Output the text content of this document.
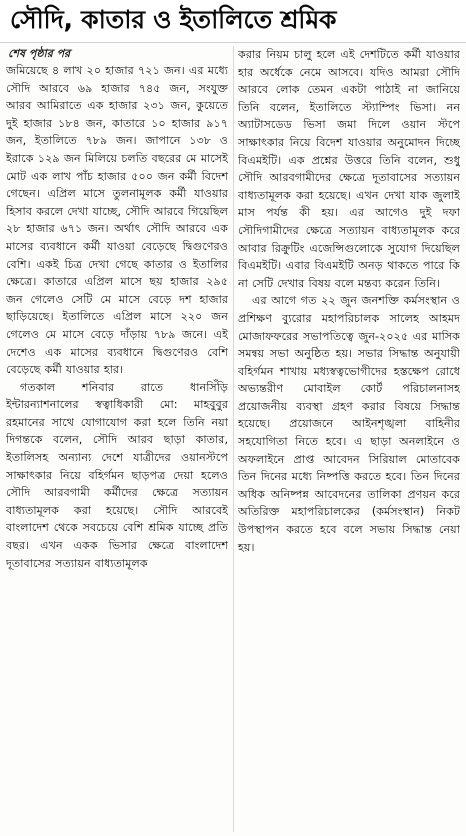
সৌদি, কাতার ও ইতালিতে শ্রমিক
শেষ পৃষ্ঠার পর

জমিয়েছে ৪ লাখ ২০ হাজার ৭২১ জন। এর মধ্যে সৌদি আরবে ৬৯ হাজার ৭৪৫ জন, সংযুক্ত আরব আমিরাতে এক হাজার ২৩১ জন, কুয়েতে দুই হাজার ১৮৪ জন, কাতারে ১০ হাজার ৯১৭ জন, ইতালিতে ৭৮৯ জন। জাপানে ১৩৮ ও ইরাকে ১২৯ জন মিলিয়ে চলতি বছরের মে মাসেই মোট এক লাখ পাঁচ হাজার ৫০০ জন কর্মী বিদেশ গেছেন। এপ্রিল মাসে তুলনামূলক কর্মী যাওয়ার হিসাব করলে দেখা যাচ্ছে, সৌদি আরবে গিয়েছিল ২৮ হাজার ৬৭১ জন। অর্থাৎ সৌদি আরবে এক মাসের ব্যবধানে কর্মী যাওয়া বেড়েছে দ্বিগুণেরও বেশি। একই চিত্র দেখা গেছে কাতার ও ইতালির ক্ষেত্রে। কাতারে এপ্রিল মাসে ছয় হাজার ২৯৫ জন গেলেও সেটি মে মাসে বেড়ে দশ হাজার ছাড়িয়েছে। ইতালিতে এপ্রিল মাসে ২২০ জন গেলেও মে মাসে বেড়ে দাঁড়ায় ৭৮৯ জনে। এই দেশেও এক মাসের ব্যবধানে দ্বিগুণেরও বেশি বেড়েছে কর্মী যাওয়ার হার।

গতকাল শনিবার রাতে ধানসিঁড়ি ইন্টারন্যাশনালের স্বত্বাধিকারী মো: মাহবুবুর রহমানের সাথে যোগাযোগ করা হলে তিনি নয়া দিগন্তকে বলেন, সৌদি আরব ছাড়া কাতার, ইতালিসহ অন্যান্য দেশে যাত্রীদের ওয়ানস্টপে সাক্ষাৎকার নিয়ে বহির্গমন ছাড়পত্র দেয়া হলেও সৌদি আরবগামী কর্মীদের ক্ষেত্রে সত্যায়ন বাধ্যতামূলক করা হয়েছে। সৌদি আরবেই বাংলাদেশ থেকে সবচেয়ে বেশি শ্রমিক যাচ্ছে প্রতি বছর। এখন একক ভিসার ক্ষেত্রে বাংলাদেশ দূতাবাসের সত্যায়ন বাধ্যতামূলক

করার নিয়ম চালু হলে এই দেশটিতে কর্মী যাওয়ার হার অর্ধেকে নেমে আসবে। যদিও আমরা সৌদি আরবে লোক তেমন একটা পাঠাই না জানিয়ে তিনি বলেন, ইতালিতে স্ট্যাম্পিং ভিসা। নন অ্যাটাসডেড ভিসা জমা দিলে ওয়ান স্টপে সাক্ষাৎকার নিয়ে বিদেশ যাওয়ার অনুমোদন দিচ্ছে বিএমইটি। এক প্রশ্নের উত্তরে তিনি বলেন, শুধু সৌদি আরবগামীদের ক্ষেত্রে দূতাবাসের সত্যায়ন বাধ্যতামূলক করা হয়েছে। এখন দেখা যাক জুলাই মাস পর্যন্ত কী হয়। এর আগেও দুই দফা সৌদিগামীদের ক্ষেত্রে সত্যায়ন বাধ্যতামূলক করে আবার রিক্রুটিং এজেন্সিগুলোকে সুযোগ দিয়েছিল বিএমইটি। এবার বিএমইটি অনড় থাকতে পারে কি না সেটি দেখার বিষয় বলে মন্তব্য করেন তিনি।

এর আগে গত ২২ জুন জনশক্তি কর্মসংস্থান ও প্রশিক্ষণ ব্যুরোর মহাপরিচালক সালেহ আহমদ মোজাফফরের সভাপতিত্বে জুন-২০২৫ এর মাসিক সমন্বয় সভা অনুষ্ঠিত হয়। সভার সিদ্ধান্ত অনুযায়ী বহির্গমন শাখায় মধ্যস্বত্বভোগীদের হস্তক্ষেপ রোধে অভ্যন্তরীণ মোবাইল কোর্ট পরিচালনাসহ প্রয়োজনীয় ব্যবস্থা গ্রহণ করার বিষয়ে সিদ্ধান্ত হয়েছে। প্রয়োজনে আইনশৃঙ্খলা বাহিনীর সহযোগিতা নিতে হবে। এ ছাড়া অনলাইনে ও অফলাইনে প্রাপ্ত আবেদন সিরিয়াল মোতাবেক তিন দিনের মধ্যে নিষ্পত্তি করতে হবে। তিন দিনের অধিক অনিষ্পন্ন আবেদনের তালিকা প্রণয়ন করে অতিরিক্ত মহাপরিচালকের (কর্মসংস্থান) নিকট উপস্থাপন করতে হবে বলে সভায় সিদ্ধান্ত নেয়া হয়।
